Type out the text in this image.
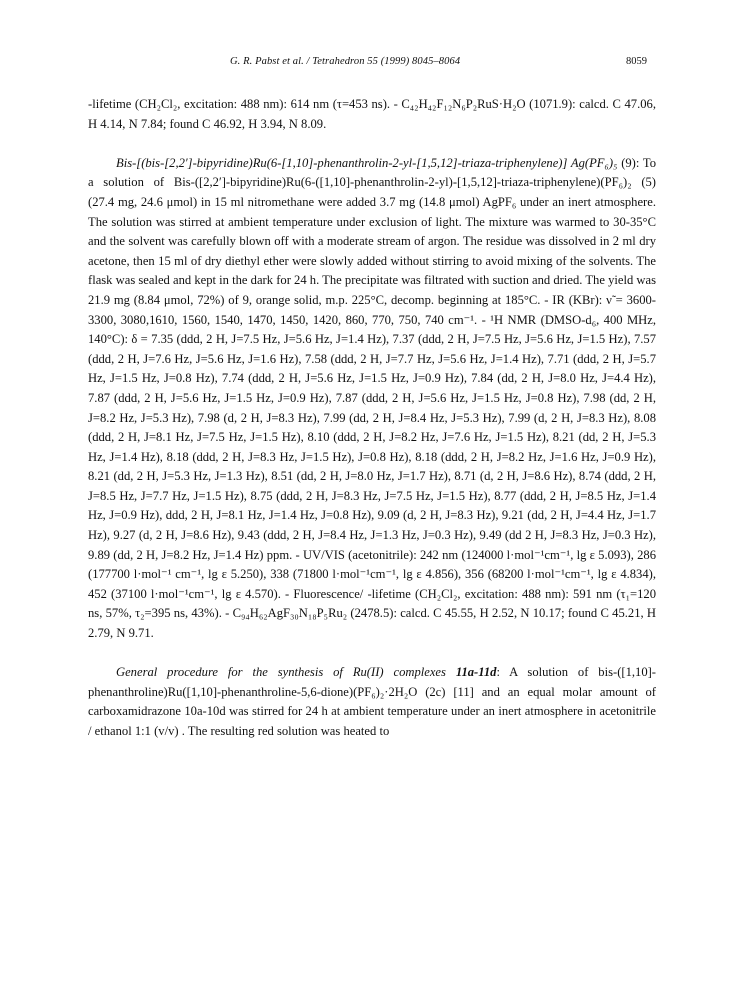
G. R. Pabst et al. / Tetrahedron 55 (1999) 8045–8064	8059

-lifetime (CH₂Cl₂, excitation: 488 nm): 614 nm (τ=453 ns). - C₄₂H₄₂F₁₂N₆P₂RuS·H₂O (1071.9): calcd. C 47.06, H 4.14, N 7.84; found C 46.92, H 3.94, N 8.09.

Bis-[(bis-[2,2′]-bipyridine)Ru(6-[1,10]-phenanthrolin-2-yl-[1,5,12]-triaza-triphenylene)] Ag(PF₆)₅ (9): To a solution of Bis-([2,2′]-bipyridine)Ru(6-([1,10]-phenanthrolin-2-yl)-[1,5,12]-triaza-triphenylene)(PF₆)₂ (5) (27.4 mg, 24.6 μmol) in 15 ml nitromethane were added 3.7 mg (14.8 μmol) AgPF₆ under an inert atmosphere. The solution was stirred at ambient temperature under exclusion of light. The mixture was warmed to 30-35°C and the solvent was carefully blown off with a moderate stream of argon. The residue was dissolved in 2 ml dry acetone, then 15 ml of dry diethyl ether were slowly added without stirring to avoid mixing of the solvents. The flask was sealed and kept in the dark for 24 h. The precipitate was filtrated with suction and dried. The yield was 21.9 mg (8.84 μmol, 72%) of 9, orange solid, m.p. 225°C, decomp. beginning at 185°C. - IR (KBr): ν̃ = 3600-3300, 3080,1610, 1560, 1540, 1470, 1450, 1420, 860, 770, 750, 740 cm⁻¹. - ¹H NMR (DMSO-d₆, 400 MHz, 140°C): δ = 7.35 (ddd, 2 H, J=7.5 Hz, J=5.6 Hz, J=1.4 Hz), 7.37 (ddd, 2 H, J=7.5 Hz, J=5.6 Hz, J=1.5 Hz), 7.57 (ddd, 2 H, J=7.6 Hz, J=5.6 Hz, J=1.6 Hz), 7.58 (ddd, 2 H, J=7.7 Hz, J=5.6 Hz, J=1.4 Hz), 7.71 (ddd, 2 H, J=5.7 Hz, J=1.5 Hz, J=0.8 Hz), 7.74 (ddd, 2 H, J=5.6 Hz, J=1.5 Hz, J=0.9 Hz), 7.84 (dd, 2 H, J=8.0 Hz, J=4.4 Hz), 7.87 (ddd, 2 H, J=5.6 Hz, J=1.5 Hz, J=0.9 Hz), 7.87 (ddd, 2 H, J=5.6 Hz, J=1.5 Hz, J=0.8 Hz), 7.98 (dd, 2 H, J=8.2 Hz, J=5.3 Hz), 7.98 (d, 2 H, J=8.3 Hz), 7.99 (dd, 2 H, J=8.4 Hz, J=5.3 Hz), 7.99 (d, 2 H, J=8.3 Hz), 8.08 (ddd, 2 H, J=8.1 Hz, J=7.5 Hz, J=1.5 Hz), 8.10 (ddd, 2 H, J=8.2 Hz, J=7.6 Hz, J=1.5 Hz), 8.21 (dd, 2 H, J=5.3 Hz, J=1.4 Hz), 8.18 (ddd, 2 H, J=8.3 Hz, J=1.5 Hz), J=0.8 Hz), 8.18 (ddd, 2 H, J=8.2 Hz, J=1.6 Hz, J=0.9 Hz), 8.21 (dd, 2 H, J=5.3 Hz, J=1.3 Hz), 8.51 (dd, 2 H, J=8.0 Hz, J=1.7 Hz), 8.71 (d, 2 H, J=8.6 Hz), 8.74 (ddd, 2 H, J=8.5 Hz, J=7.7 Hz, J=1.5 Hz), 8.75 (ddd, 2 H, J=8.3 Hz, J=7.5 Hz, J=1.5 Hz), 8.77 (ddd, 2 H, J=8.5 Hz, J=1.4 Hz, J=0.9 Hz), ddd, 2 H, J=8.1 Hz, J=1.4 Hz, J=0.8 Hz), 9.09 (d, 2 H, J=8.3 Hz), 9.21 (dd, 2 H, J=4.4 Hz, J=1.7 Hz), 9.27 (d, 2 H, J=8.6 Hz), 9.43 (ddd, 2 H, J=8.4 Hz, J=1.3 Hz, J=0.3 Hz), 9.49 (dd 2 H, J=8.3 Hz, J=0.3 Hz), 9.89 (dd, 2 H, J=8.2 Hz, J=1.4 Hz) ppm. - UV/VIS (acetonitrile): 242 nm (124000 l·mol⁻¹cm⁻¹, lg ε 5.093), 286 (177700 l·mol⁻¹ cm⁻¹, lg ε 5.250), 338 (71800 l·mol⁻¹cm⁻¹, lg ε 4.856), 356 (68200 l·mol⁻¹cm⁻¹, lg ε 4.834), 452 (37100 l·mol⁻¹cm⁻¹, lg ε 4.570). - Fluorescence/ -lifetime (CH₂Cl₂, excitation: 488 nm): 591 nm (τ₁=120 ns, 57%, τ₂=395 ns, 43%). - C₉₄H₆₂AgF₃₀N₁₈P₅Ru₂ (2478.5): calcd. C 45.55, H 2.52, N 10.17; found C 45.21, H 2.79, N 9.71.

General procedure for the synthesis of Ru(II) complexes 11a-11d: A solution of bis-([1,10]-phenanthroline)Ru([1,10]-phenanthroline-5,6-dione)(PF₆)₂·2H₂O (2c) [11] and an equal molar amount of carboxamidrazone 10a-10d was stirred for 24 h at ambient temperature under an inert atmosphere in acetonitrile / ethanol 1:1 (v/v) . The resulting red solution was heated to
